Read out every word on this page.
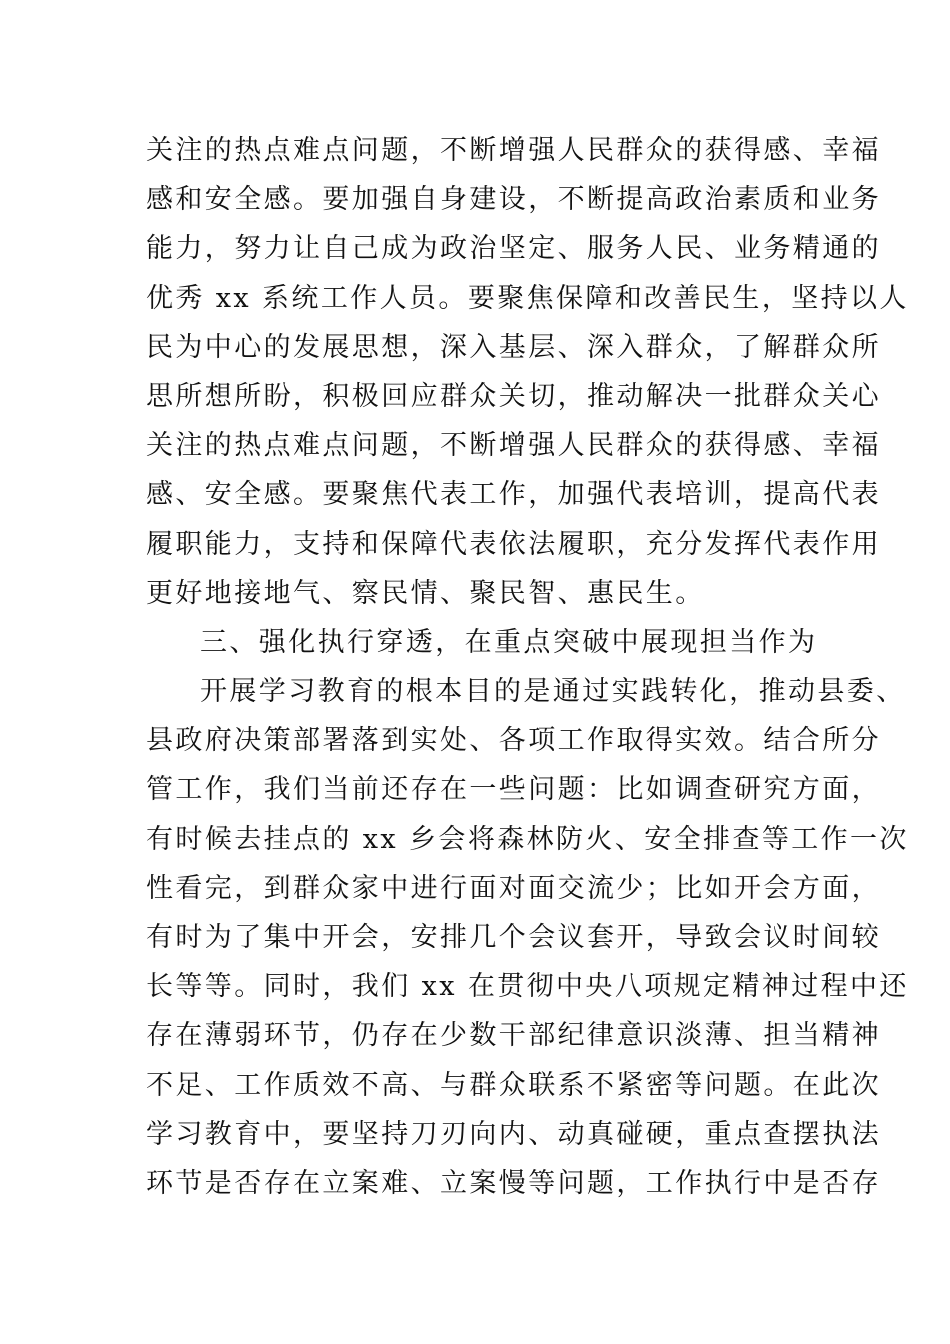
关注的热点难点问题，不断增强人民群众的获得感、幸福
感和安全感。要加强自身建设，不断提高政治素质和业务
能力，努力让自己成为政治坚定、服务人民、业务精通的
优秀 xx 系统工作人员。要聚焦保障和改善民生，坚持以人
民为中心的发展思想，深入基层、深入群众，了解群众所
思所想所盼，积极回应群众关切，推动解决一批群众关心
关注的热点难点问题，不断增强人民群众的获得感、幸福
感、安全感。要聚焦代表工作，加强代表培训，提高代表
履职能力，支持和保障代表依法履职，充分发挥代表作用
更好地接地气、察民情、聚民智、惠民生。
三、强化执行穿透，在重点突破中展现担当作为
开展学习教育的根本目的是通过实践转化，推动县委、
县政府决策部署落到实处、各项工作取得实效。结合所分
管工作，我们当前还存在一些问题：比如调查研究方面，
有时候去挂点的 xx 乡会将森林防火、安全排查等工作一次
性看完，到群众家中进行面对面交流少；比如开会方面，
有时为了集中开会，安排几个会议套开，导致会议时间较
长等等。同时，我们 xx 在贯彻中央八项规定精神过程中还
存在薄弱环节，仍存在少数干部纪律意识淡薄、担当精神
不足、工作质效不高、与群众联系不紧密等问题。在此次
学习教育中，要坚持刀刃向内、动真碰硬，重点查摆执法
环节是否存在立案难、立案慢等问题，工作执行中是否存
